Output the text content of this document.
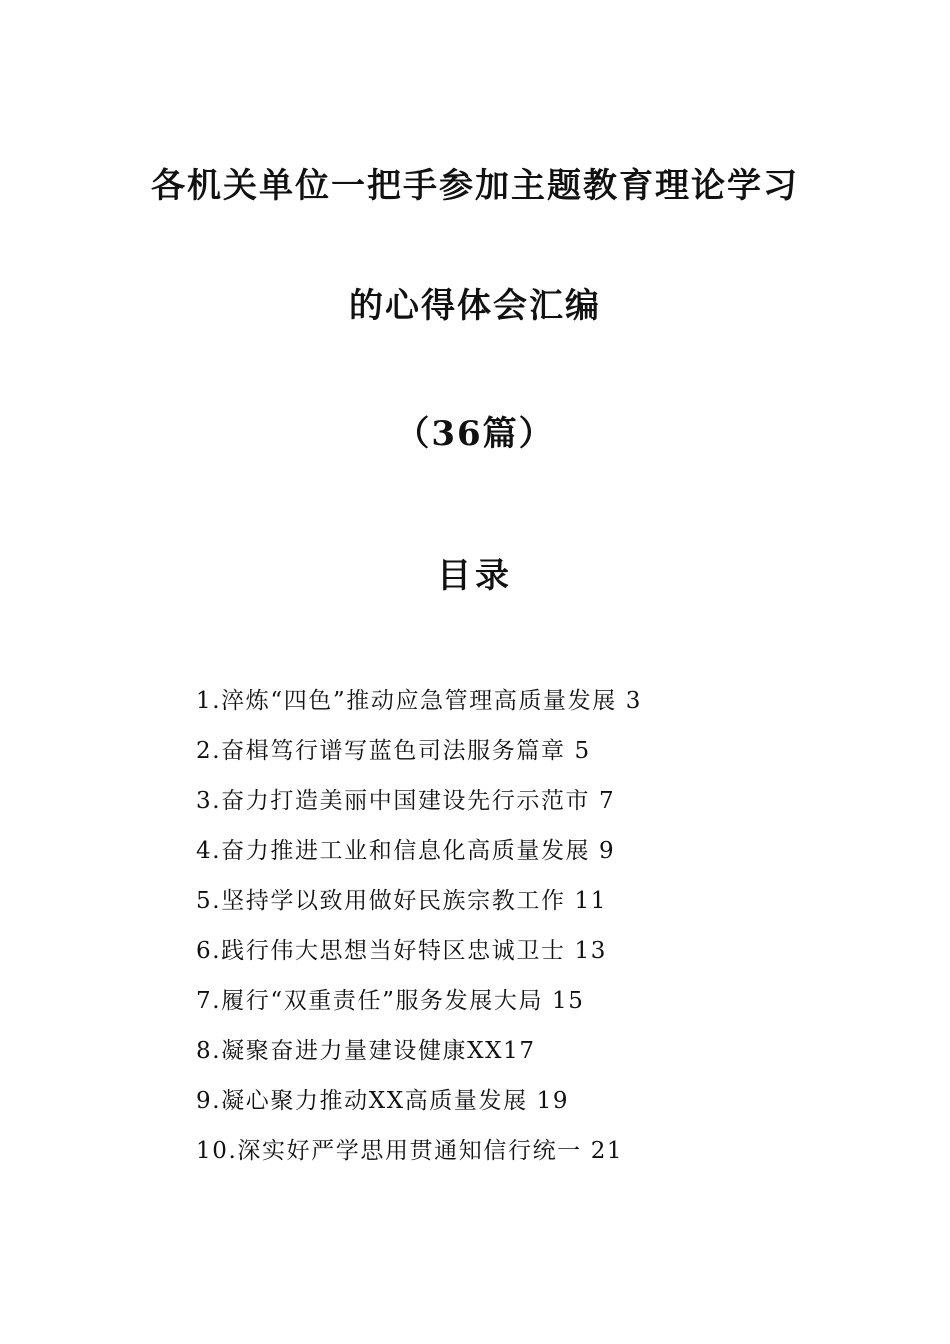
各机关单位一把手参加主题教育理论学习
的心得体会汇编
（36篇）
目录
1.淬炼“四色”推动应急管理高质量发展 3
2.奋楫笃行谱写蓝色司法服务篇章 5
3.奋力打造美丽中国建设先行示范市 7
4.奋力推进工业和信息化高质量发展 9
5.坚持学以致用做好民族宗教工作 11
6.践行伟大思想当好特区忠诚卫士 13
7.履行“双重责任”服务发展大局 15
8.凝聚奋进力量建设健康XX17
9.凝心聚力推动XX高质量发展 19
10.深实好严学思用贯通知信行统一 21
